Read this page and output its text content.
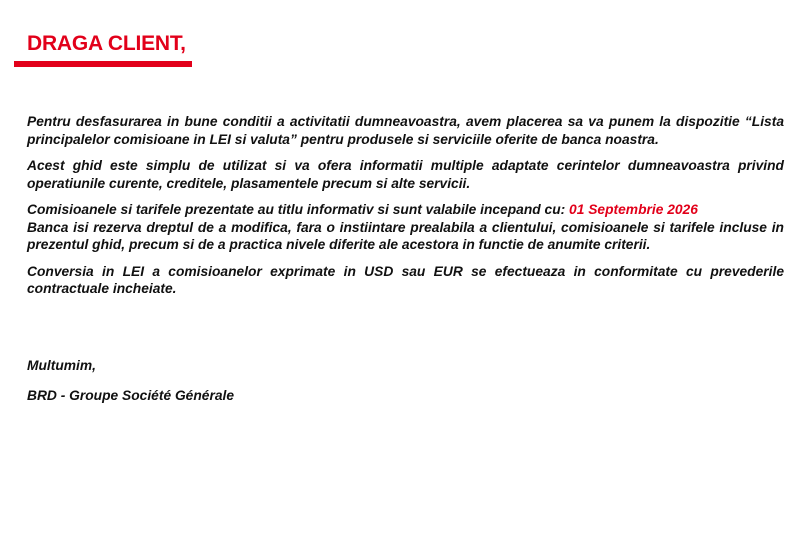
DRAGA CLIENT,

Pentru desfasurarea in bune conditii a activitatii dumneavoastra, avem placerea sa va punem la dispozitie “Lista principalelor comisioane in LEI si valuta” pentru produsele si serviciile oferite de banca noastra.

Acest ghid este simplu de utilizat si va ofera informatii multiple adaptate cerintelor dumneavoastra privind operatiunile curente, creditele, plasamentele precum si alte servicii.

Comisioanele si tarifele prezentate au titlu informativ si sunt valabile incepand cu: 01 Septembrie 2026
Banca isi rezerva dreptul de a modifica, fara o instiintare prealabila a clientului, comisioanele si tarifele incluse in prezentul ghid, precum si de a practica nivele diferite ale acestora in functie de anumite criterii.

Conversia in LEI a comisioanelor exprimate in USD sau EUR se efectueaza in conformitate cu prevederile contractuale incheiate.

Multumim,

BRD - Groupe Société Générale
